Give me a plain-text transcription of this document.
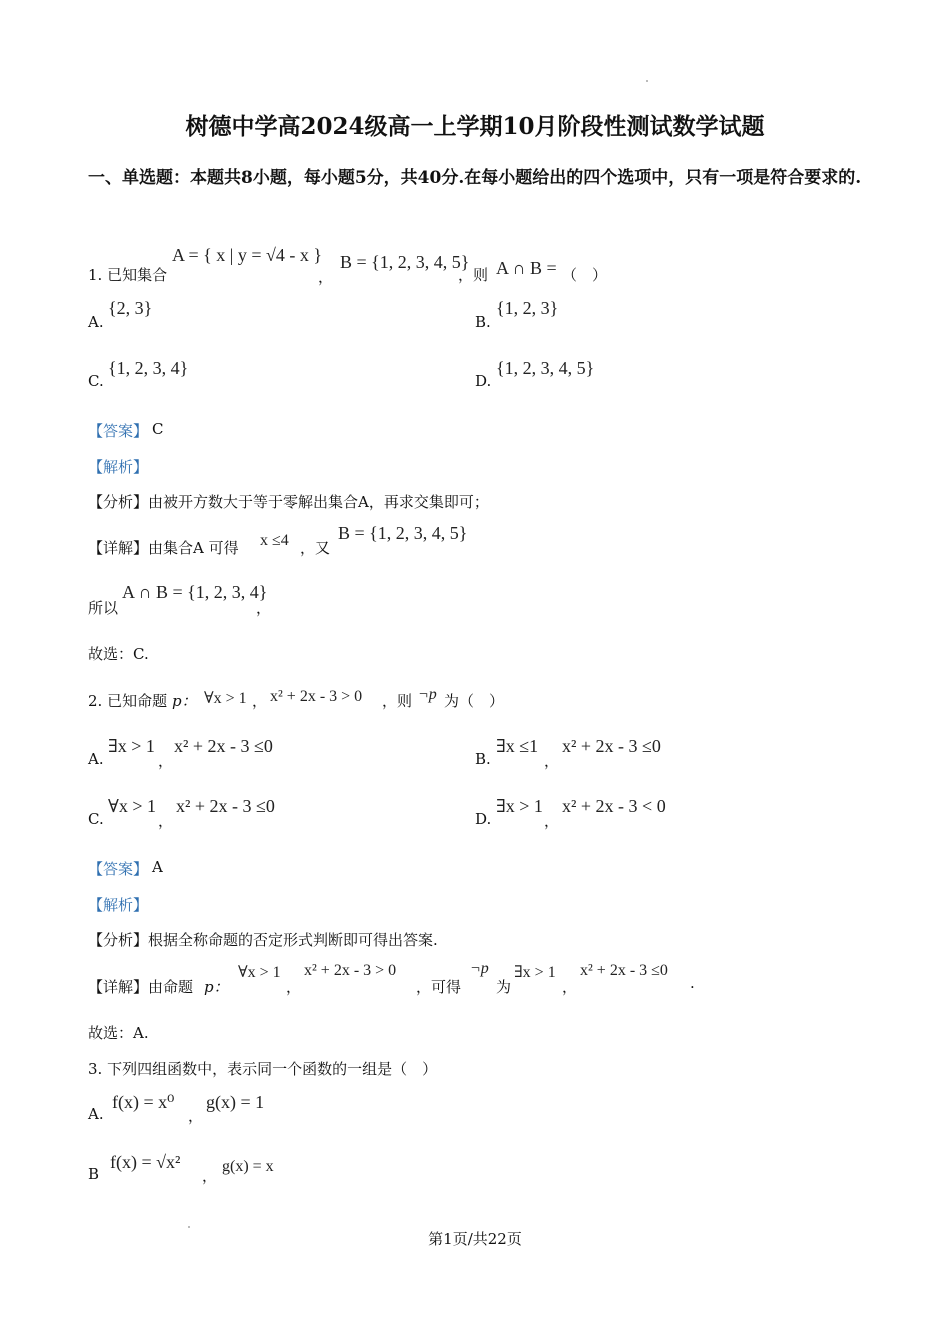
树德中学高2024级高一上学期10月阶段性测试数学试题
一、单选题：本题共8小题，每小题5分，共40分.在每小题给出的四个选项中，只有一项是符合要求的.
1. 已知集合
A = { x | y = √4 - x }
，
B = {1, 2, 3, 4, 5}
，则 A ∩ B = （　）
A.
{2, 3}
B.
{1, 2, 3}
C.
{1, 2, 3, 4}
D.
{1, 2, 3, 4, 5}
【答案】 C
【解析】
【分析】由被开方数大于等于零解出集合A，再求交集即可；
【详解】由集合A 可得 x ≤4 ，又
B = {1, 2, 3, 4, 5}
所以
A ∩ B = {1, 2, 3, 4}
，
故选：C.
2. 已知命题 p： ∀x > 1 ， x² + 2x - 3 > 0 ，则 ¬p 为（　）
A.
∃x > 1
，
x² + 2x - 3 ≤0
B.
∃x ≤1
，
x² + 2x - 3 ≤0
C.
∀x > 1
，
x² + 2x - 3 ≤0
D.
∃x > 1
，
x² + 2x - 3 < 0
【答案】 A
【解析】
【分析】根据全称命题的否定形式判断即可得出答案.
【详解】由命题 p：
∀x > 1
，
x² + 2x - 3 > 0
，可得
¬p
为
∃x > 1
，
x² + 2x - 3 ≤0
.
故选：A.
3. 下列四组函数中，表示同一个函数的一组是（　）
A.
f(x) = x⁰
，
g(x) = 1
B
f(x) = √x²
，
g(x) = x
第1页/共22页
